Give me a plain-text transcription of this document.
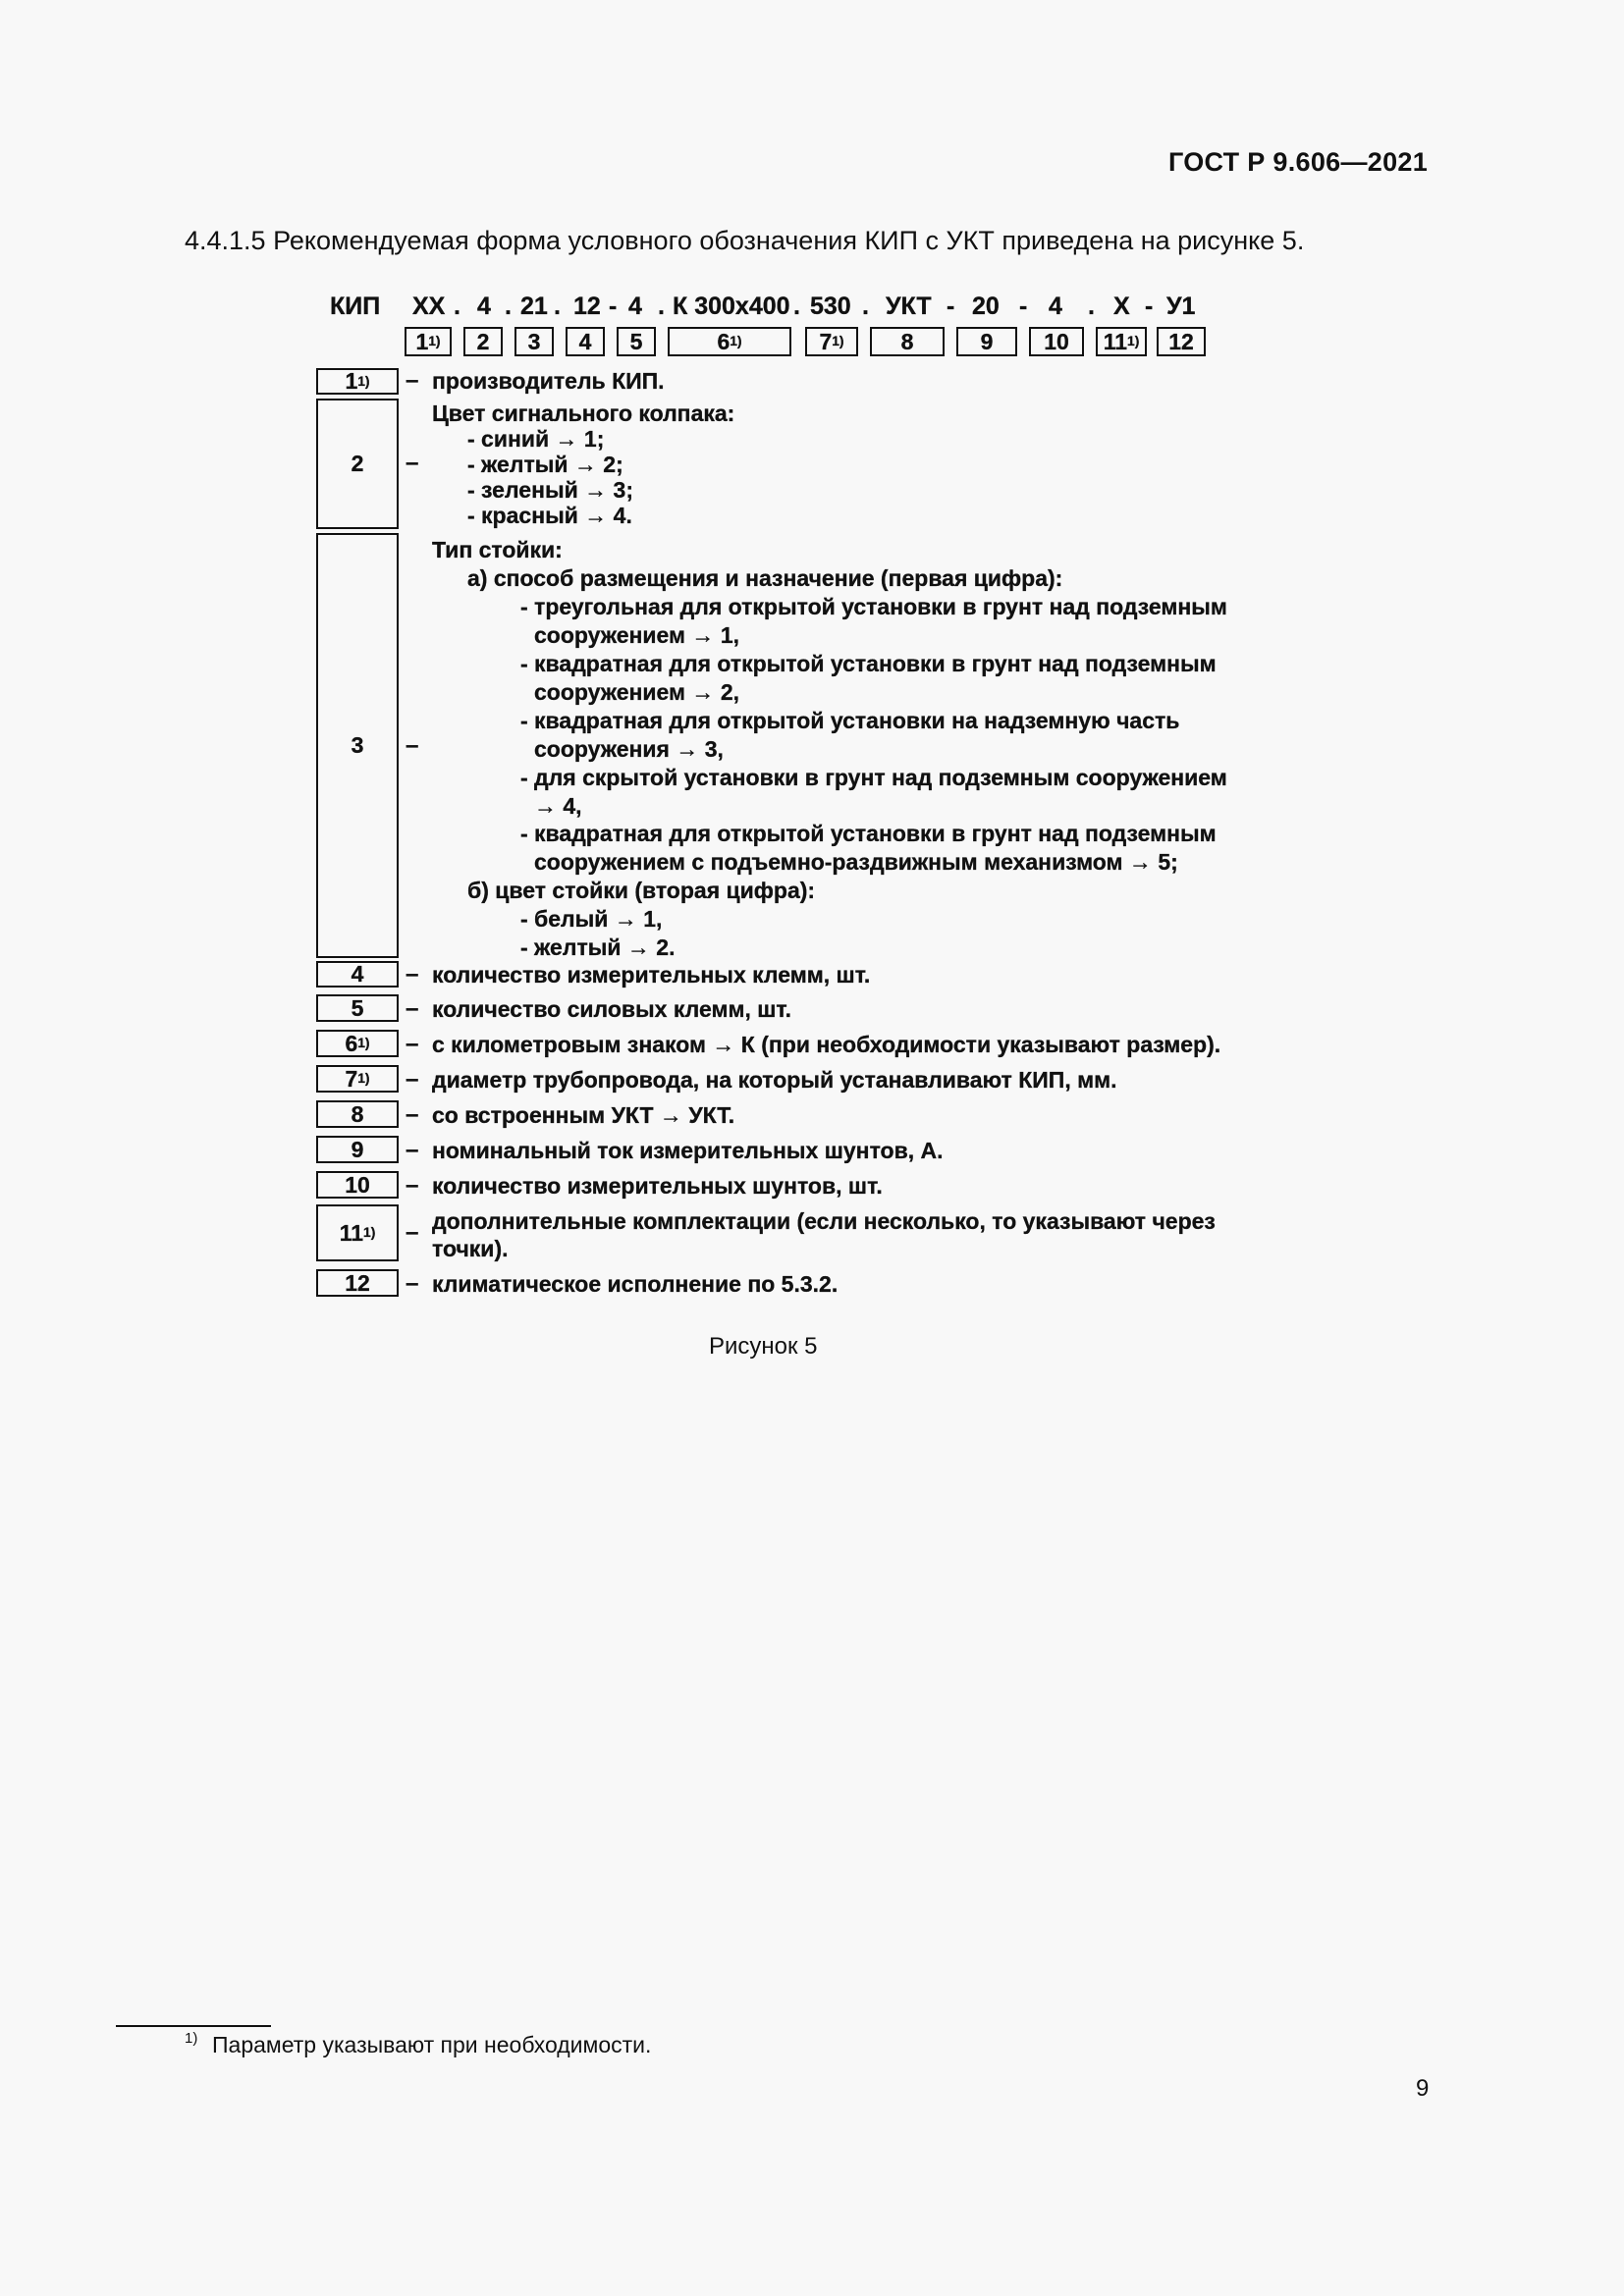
ГОСТ Р 9.606—2021
4.4.1.5 Рекомендуемая форма условного обозначения КИП с УКТ приведена на рисунке 5.
КИП ХХ . 4 . 21 . 12 - 4 . К 300х400 . 530 . УКТ - 20 - 4 . Х - У1
1 1) 2 3 4 5	6 1)	7 1)	8	9 10 11 1) 12
1 1) – производитель КИП.
2 –
Цвет сигнального колпака:
- синий → 1;
- желтый → 2;
- зеленый → 3;
- красный → 4.
3 –
Тип стойки:
а) способ размещения и назначение (первая цифра):
- треугольная для открытой установки в грунт над подземным
сооружением → 1,
- квадратная для открытой установки в грунт над подземным
сооружением → 2,
- квадратная для открытой установки на надземную часть
сооружения → 3,
- для скрытой установки в грунт над подземным сооружением
→ 4,
- квадратная для открытой установки в грунт над подземным
сооружением с подъемно-раздвижным механизмом → 5;
б) цвет стойки (вторая цифра):
- белый → 1,
- желтый → 2.
4 – количество измерительных клемм, шт.
5 – количество силовых клемм, шт.
6 1) – с километровым знаком → К (при необходимости указывают размер).
7 1) – диаметр трубопровода, на который устанавливают КИП, мм.
8 – со встроенным УКТ → УКТ.
9 – номинальный ток измерительных шунтов, А.
10 – количество измерительных шунтов, шт.
11 1) – дополнительные комплектации (если несколько, то указывают через
точки).
12 – климатическое исполнение по 5.3.2.
Рисунок 5
1) Параметр указывают при необходимости.
9
